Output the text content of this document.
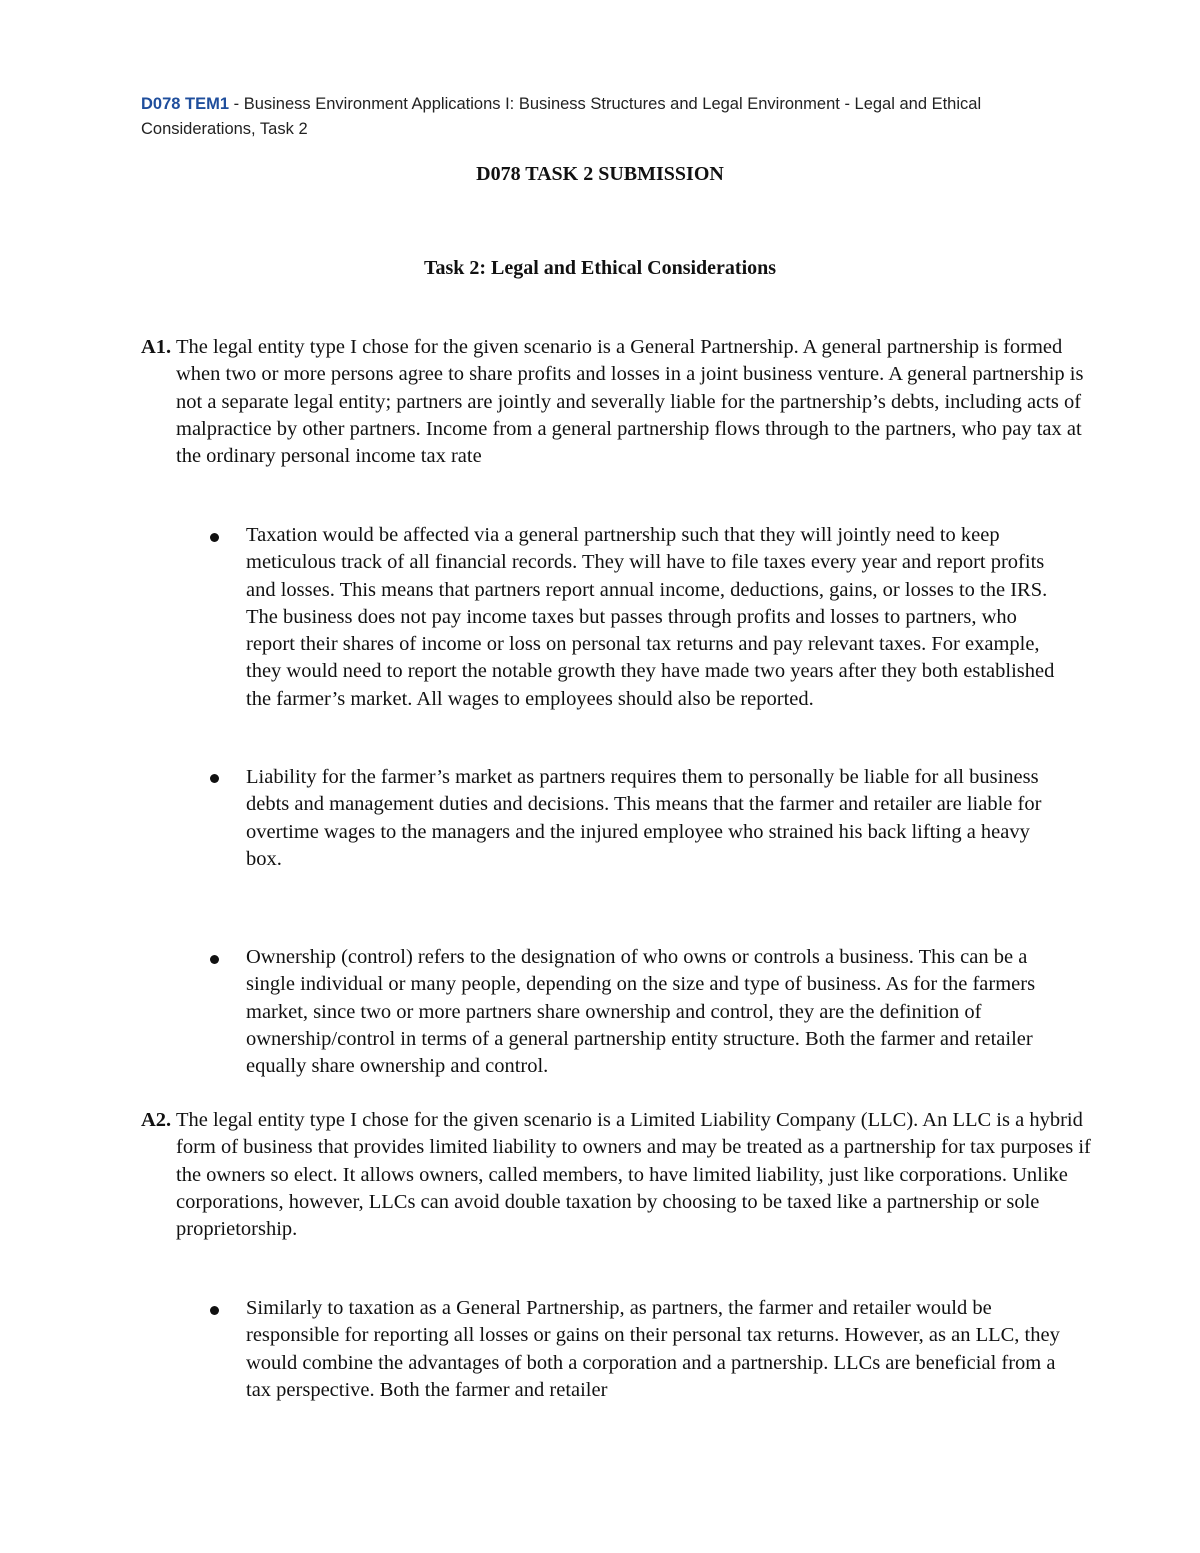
D078 TEM1 - Business Environment Applications I: Business Structures and Legal Environment - Legal and Ethical Considerations, Task 2
D078 TASK 2 SUBMISSION
Task 2: Legal and Ethical Considerations
A1. The legal entity type I chose for the given scenario is a General Partnership. A general partnership is formed when two or more persons agree to share profits and losses in a joint business venture. A general partnership is not a separate legal entity; partners are jointly and severally liable for the partnership’s debts, including acts of malpractice by other partners. Income from a general partnership flows through to the partners, who pay tax at the ordinary personal income tax rate
Taxation would be affected via a general partnership such that they will jointly need to keep meticulous track of all financial records. They will have to file taxes every year and report profits and losses. This means that partners report annual income, deductions, gains, or losses to the IRS. The business does not pay income taxes but passes through profits and losses to partners, who report their shares of income or loss on personal tax returns and pay relevant taxes. For example, they would need to report the notable growth they have made two years after they both established the farmer’s market. All wages to employees should also be reported.
Liability for the farmer’s market as partners requires them to personally be liable for all business debts and management duties and decisions. This means that the farmer and retailer are liable for overtime wages to the managers and the injured employee who strained his back lifting a heavy box.
Ownership (control) refers to the designation of who owns or controls a business. This can be a single individual or many people, depending on the size and type of business. As for the farmers market, since two or more partners share ownership and control, they are the definition of ownership/control in terms of a general partnership entity structure. Both the farmer and retailer equally share ownership and control.
A2. The legal entity type I chose for the given scenario is a Limited Liability Company (LLC). An LLC is a hybrid form of business that provides limited liability to owners and may be treated as a partnership for tax purposes if the owners so elect. It allows owners, called members, to have limited liability, just like corporations. Unlike corporations, however, LLCs can avoid double taxation by choosing to be taxed like a partnership or sole proprietorship.
Similarly to taxation as a General Partnership, as partners, the farmer and retailer would be responsible for reporting all losses or gains on their personal tax returns. However, as an LLC, they would combine the advantages of both a corporation and a partnership. LLCs are beneficial from a tax perspective. Both the farmer and retailer
